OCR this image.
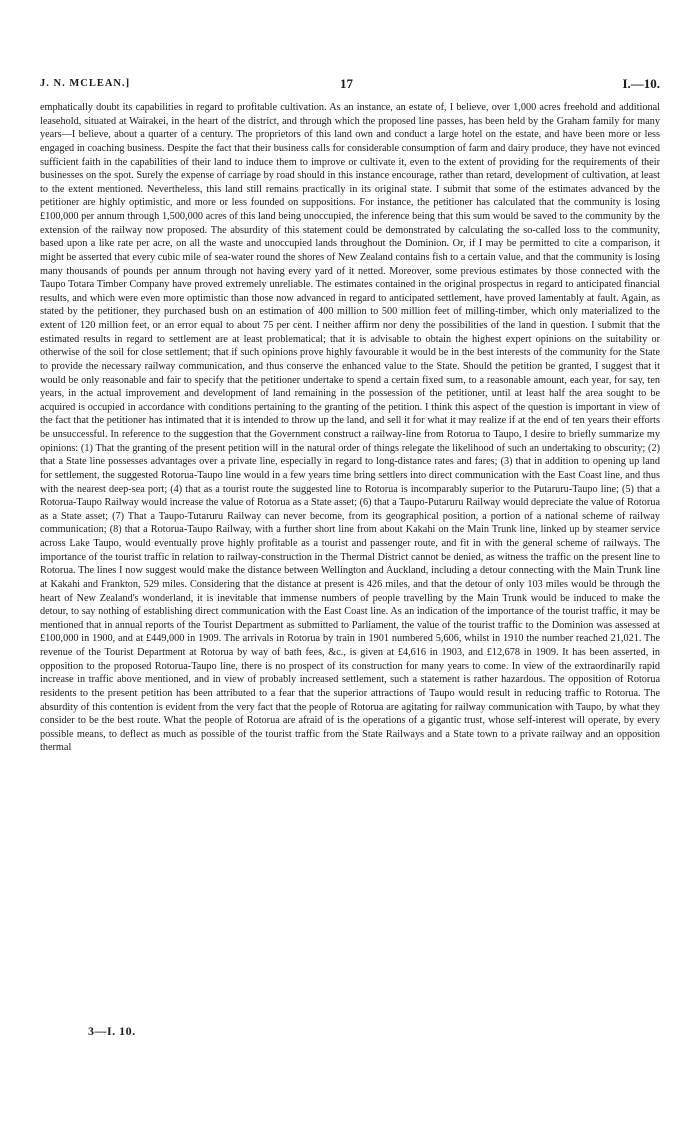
J. N. MCLEAN.]	17	I.—10.

emphatically doubt its capabilities in regard to profitable cultivation. As an instance, an estate of, I believe, over 1,000 acres freehold and additional leasehold, situated at Wairakei, in the heart of the district, and through which the proposed line passes, has been held by the Graham family for many years—I believe, about a quarter of a century. The proprietors of this land own and conduct a large hotel on the estate, and have been more or less engaged in coaching business. Despite the fact that their business calls for considerable consumption of farm and dairy produce, they have not evinced sufficient faith in the capabilities of their land to induce them to improve or cultivate it, even to the extent of providing for the requirements of their businesses on the spot. Surely the expense of carriage by road should in this instance encourage, rather than retard, development of cultivation, at least to the extent mentioned. Nevertheless, this land still remains practically in its original state. I submit that some of the estimates advanced by the petitioner are highly optimistic, and more or less founded on suppositions. For instance, the petitioner has calculated that the community is losing £100,000 per annum through 1,500,000 acres of this land being unoccupied, the inference being that this sum would be saved to the community by the extension of the railway now proposed. The absurdity of this statement could be demonstrated by calculating the so-called loss to the community, based upon a like rate per acre, on all the waste and unoccupied lands throughout the Dominion. Or, if I may be permitted to cite a comparison, it might be asserted that every cubic mile of sea-water round the shores of New Zealand contains fish to a certain value, and that the community is losing many thousands of pounds per annum through not having every yard of it netted. Moreover, some previous estimates by those connected with the Taupo Totara Timber Company have proved extremely unreliable. The estimates contained in the original prospectus in regard to anticipated financial results, and which were even more optimistic than those now advanced in regard to anticipated settlement, have proved lamentably at fault. Again, as stated by the petitioner, they purchased bush on an estimation of 400 million to 500 million feet of milling-timber, which only materialized to the extent of 120 million feet, or an error equal to about 75 per cent. I neither affirm nor deny the possibilities of the land in question. I submit that the estimated results in regard to settlement are at least problematical; that it is advisable to obtain the highest expert opinions on the suitability or otherwise of the soil for close settlement; that if such opinions prove highly favourable it would be in the best interests of the community for the State to provide the necessary railway communication, and thus conserve the enhanced value to the State. Should the petition be granted, I suggest that it would be only reasonable and fair to specify that the petitioner undertake to spend a certain fixed sum, to a reasonable amount, each year, for say, ten years, in the actual improvement and development of land remaining in the possession of the petitioner, until at least half the area sought to be acquired is occupied in accordance with conditions pertaining to the granting of the petition. I think this aspect of the question is important in view of the fact that the petitioner has intimated that it is intended to throw up the land, and sell it for what it may realize if at the end of ten years their efforts be unsuccessful. In reference to the suggestion that the Government construct a railway-line from Rotorua to Taupo, I desire to briefly summarize my opinions: (1) That the granting of the present petition will in the natural order of things relegate the likelihood of such an undertaking to obscurity; (2) that a State line possesses advantages over a private line, especially in regard to long-distance rates and fares; (3) that in addition to opening up land for settlement, the suggested Rotorua-Taupo line would in a few years time bring settlers into direct communication with the East Coast line, and thus with the nearest deep-sea port; (4) that as a tourist route the suggested line to Rotorua is incomparably superior to the Putaruru-Taupo line; (5) that a Rotorua-Taupo Railway would increase the value of Rotorua as a State asset; (6) that a Taupo-Putaruru Railway would depreciate the value of Rotorua as a State asset; (7) That a Taupo-Tutaruru Railway can never become, from its geographical position, a portion of a national scheme of railway communication; (8) that a Rotorua-Taupo Railway, with a further short line from about Kakahi on the Main Trunk line, linked up by steamer service across Lake Taupo, would eventually prove highly profitable as a tourist and passenger route, and fit in with the general scheme of railways. The importance of the tourist traffic in relation to railway-construction in the Thermal District cannot be denied, as witness the traffic on the present line to Rotorua. The lines I now suggest would make the distance between Wellington and Auckland, including a detour connecting with the Main Trunk line at Kakahi and Frankton, 529 miles. Considering that the distance at present is 426 miles, and that the detour of only 103 miles would be through the heart of New Zealand's wonderland, it is inevitable that immense numbers of people travelling by the Main Trunk would be induced to make the detour, to say nothing of establishing direct communication with the East Coast line. As an indication of the importance of the tourist traffic, it may be mentioned that in annual reports of the Tourist Department as submitted to Parliament, the value of the tourist traffic to the Dominion was assessed at £100,000 in 1900, and at £449,000 in 1909. The arrivals in Rotorua by train in 1901 numbered 5,606, whilst in 1910 the number reached 21,021. The revenue of the Tourist Department at Rotorua by way of bath fees, &c., is given at £4,616 in 1903, and £12,678 in 1909. It has been asserted, in opposition to the proposed Rotorua-Taupo line, there is no prospect of its construction for many years to come. In view of the extraordinarily rapid increase in traffic above mentioned, and in view of probably increased settlement, such a statement is rather hazardous. The opposition of Rotorua residents to the present petition has been attributed to a fear that the superior attractions of Taupo would result in reducing traffic to Rotorua. The absurdity of this contention is evident from the very fact that the people of Rotorua are agitating for railway communication with Taupo, by what they consider to be the best route. What the people of Rotorua are afraid of is the operations of a gigantic trust, whose self-interest will operate, by every possible means, to deflect as much as possible of the tourist traffic from the State Railways and a State town to a private railway and an opposition thermal

3—I. 10.
